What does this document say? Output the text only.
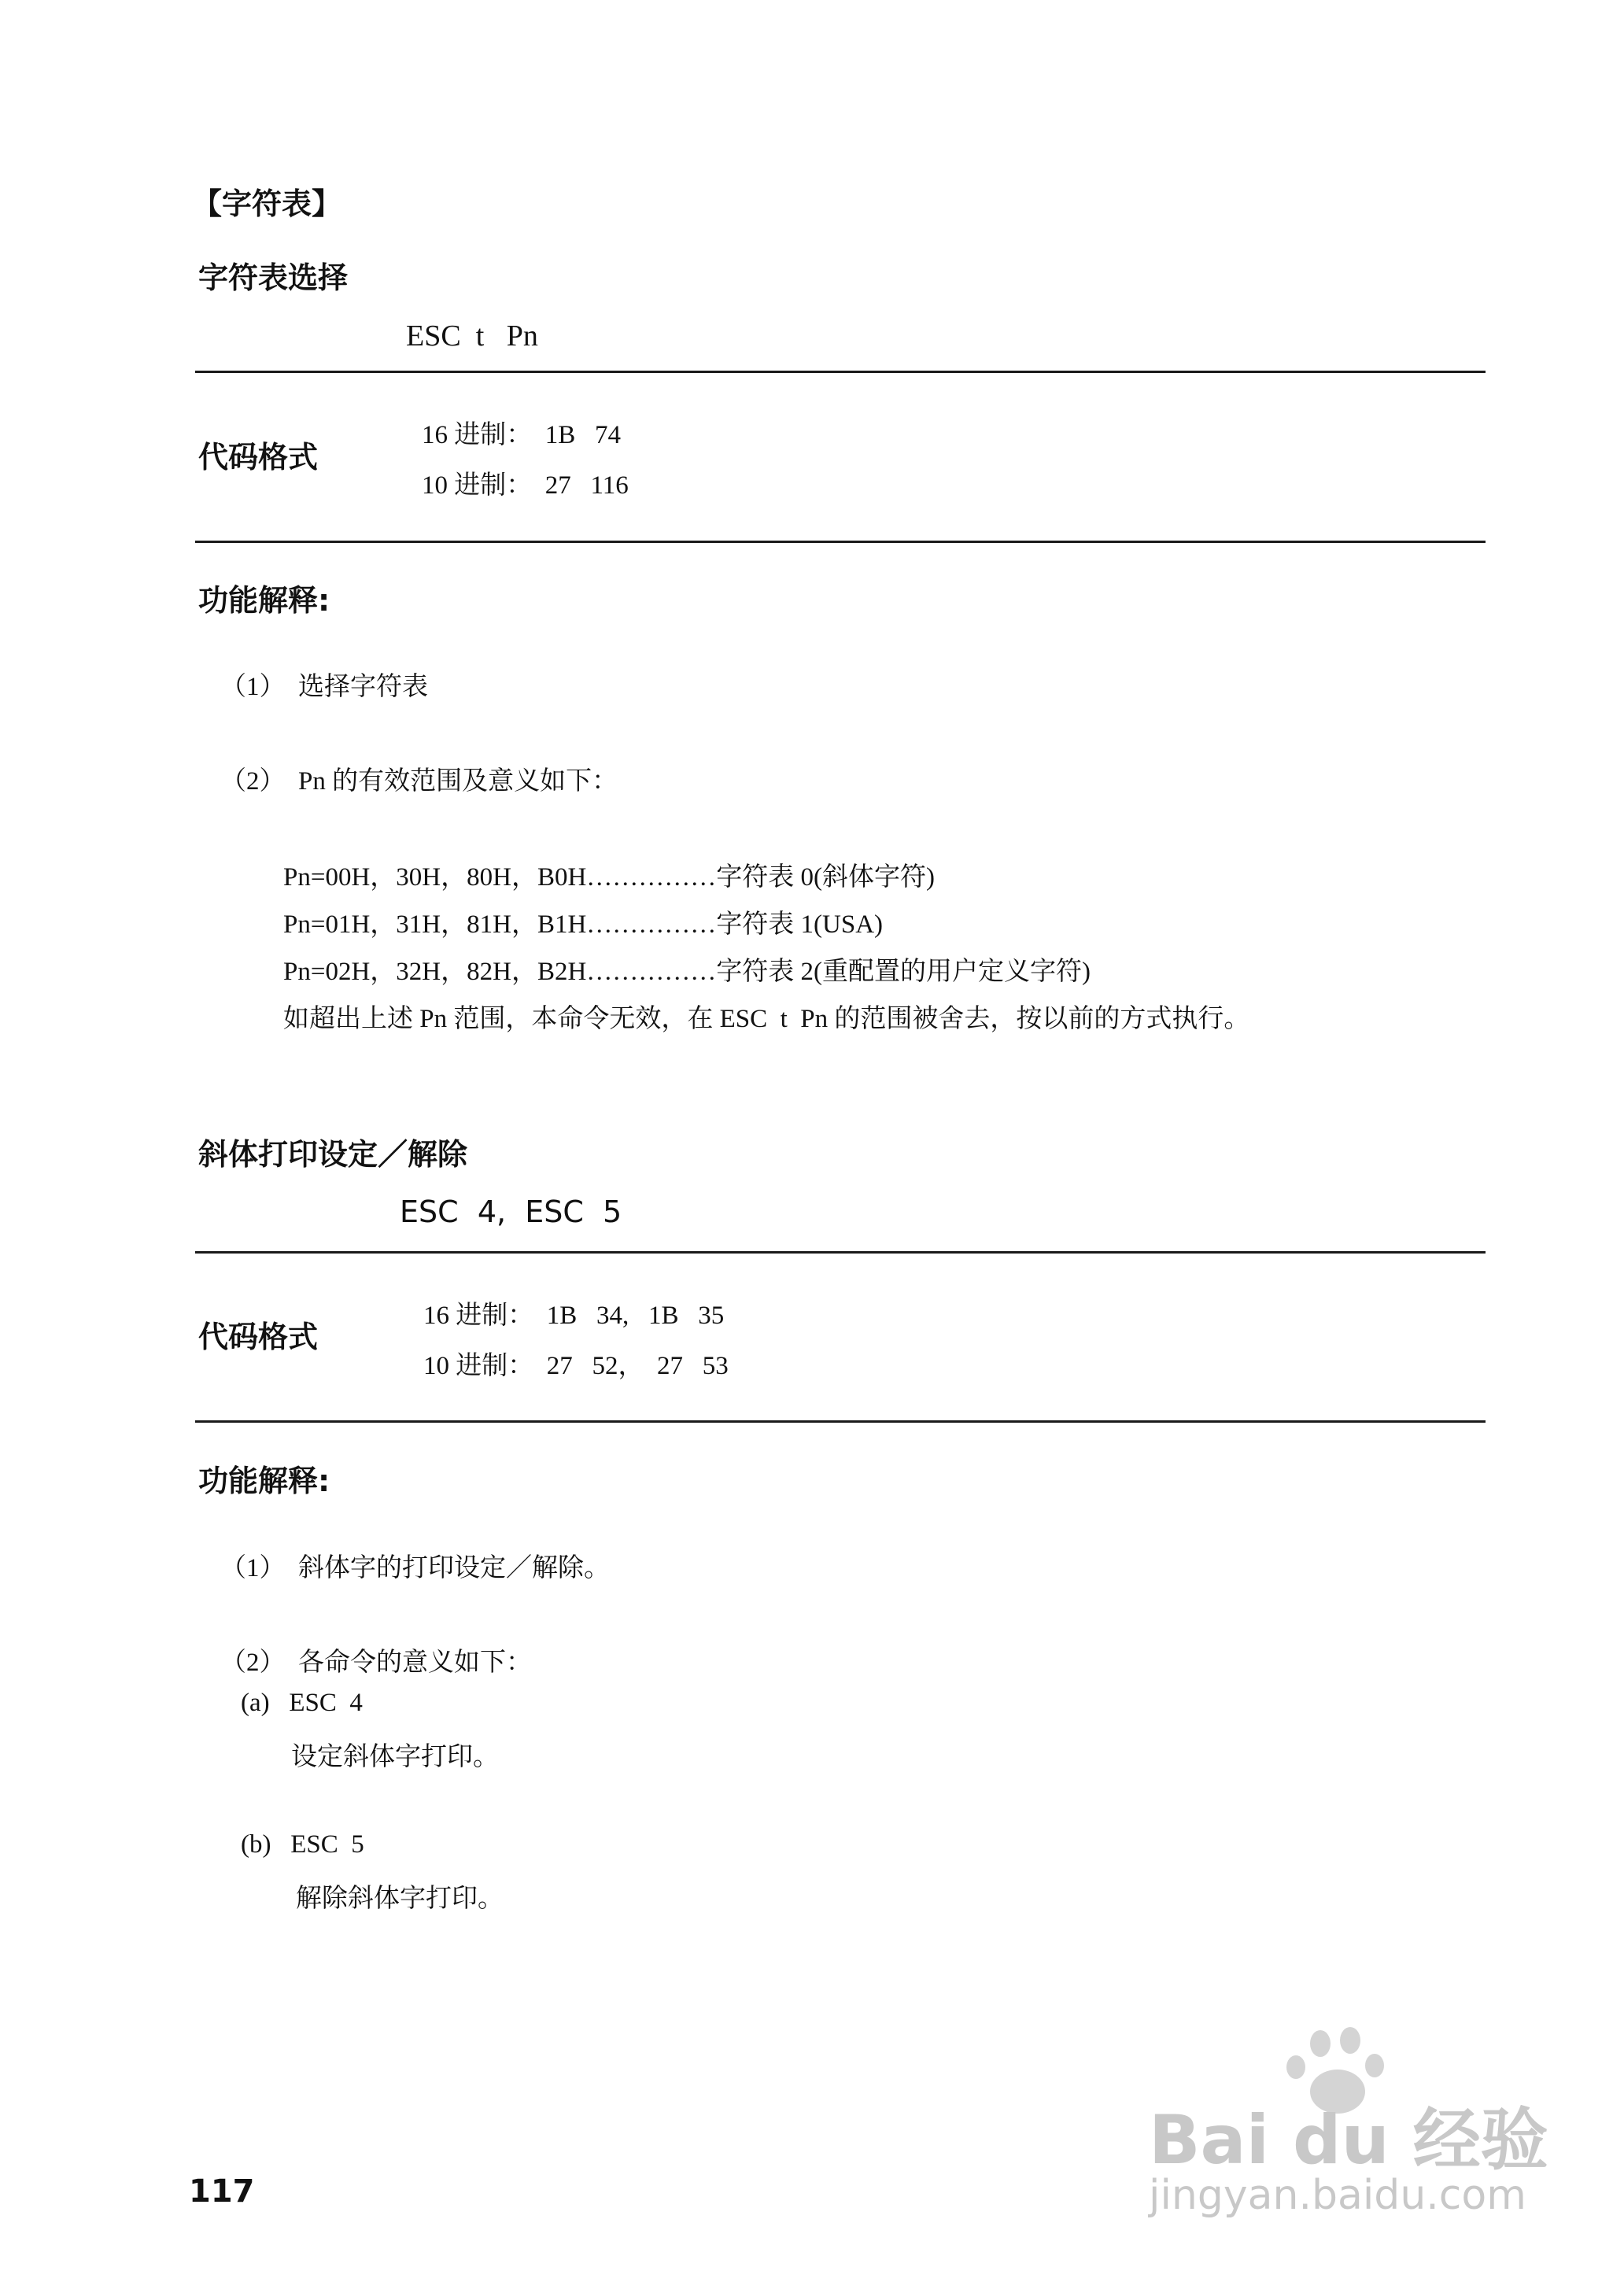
【字符表】
字符表选择
ESC  t   Pn
代码格式
16 进制：  1B   74
10 进制：  27   116
功能解释:
（1）  选择字符表
（2）  Pn 的有效范围及意义如下：
Pn=00H，30H，80H，B0H……………字符表 0(斜体字符)
Pn=01H，31H，81H，B1H……………字符表 1(USA)
Pn=02H，32H，82H，B2H……………字符表 2(重配置的用户定义字符)
如超出上述 Pn 范围，本命令无效，在 ESC  t  Pn 的范围被舍去，按以前的方式执行。
斜体打印设定／解除
ESC  4,  ESC  5
代码格式
16 进制：  1B   34,   1B   35
10 进制：  27   52，  27   53
功能解释:
（1）  斜体字的打印设定／解除。
（2）  各命令的意义如下：
(a)   ESC  4
设定斜体字打印。
(b)   ESC  5
解除斜体字打印。
117
Bai du 经验
jingyan.baidu.com
